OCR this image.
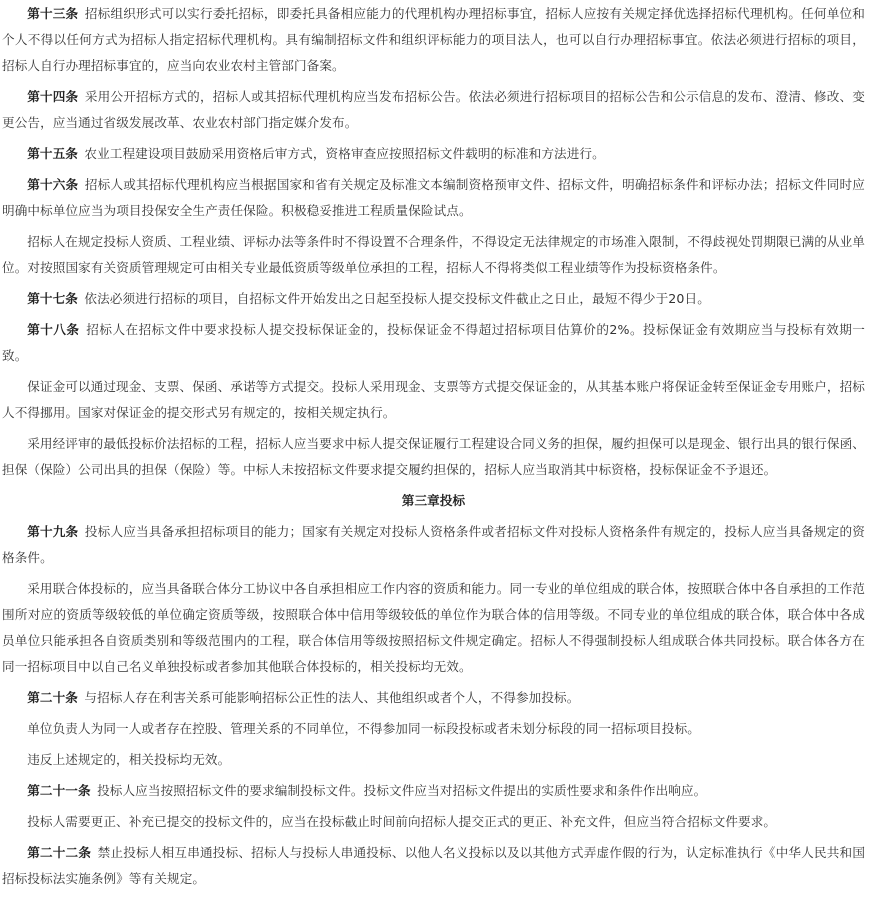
第十三条  招标组织形式可以实行委托招标，即委托具备相应能力的代理机构办理招标事宜，招标人应按有关规定择优选择招标代理机构。任何单位和个人不得以任何方式为招标人指定招标代理机构。具有编制招标文件和组织评标能力的项目法人，也可以自行办理招标事宜。依法必须进行招标的项目，招标人自行办理招标事宜的，应当向农业农村主管部门备案。

第十四条  采用公开招标方式的，招标人或其招标代理机构应当发布招标公告。依法必须进行招标项目的招标公告和公示信息的发布、澄清、修改、变更公告，应当通过省级发展改革、农业农村部门指定媒介发布。

第十五条  农业工程建设项目鼓励采用资格后审方式，资格审查应按照招标文件载明的标准和方法进行。

第十六条  招标人或其招标代理机构应当根据国家和省有关规定及标准文本编制资格预审文件、招标文件，明确招标条件和评标办法；招标文件同时应明确中标单位应当为项目投保安全生产责任保险。积极稳妥推进工程质量保险试点。

招标人在规定投标人资质、工程业绩、评标办法等条件时不得设置不合理条件，不得设定无法律规定的市场准入限制，不得歧视处罚期限已满的从业单位。对按照国家有关资质管理规定可由相关专业最低资质等级单位承担的工程，招标人不得将类似工程业绩等作为投标资格条件。

第十七条  依法必须进行招标的项目，自招标文件开始发出之日起至投标人提交投标文件截止之日止，最短不得少于20日。

第十八条  招标人在招标文件中要求投标人提交投标保证金的，投标保证金不得超过招标项目估算价的2%。投标保证金有效期应当与投标有效期一致。

保证金可以通过现金、支票、保函、承诺等方式提交。投标人采用现金、支票等方式提交保证金的，从其基本账户将保证金转至保证金专用账户，招标人不得挪用。国家对保证金的提交形式另有规定的，按相关规定执行。

采用经评审的最低投标价法招标的工程，招标人应当要求中标人提交保证履行工程建设合同义务的担保，履约担保可以是现金、银行出具的银行保函、担保（保险）公司出具的担保（保险）等。中标人未按招标文件要求提交履约担保的，招标人应当取消其中标资格，投标保证金不予退还。

第三章投标

第十九条  投标人应当具备承担招标项目的能力；国家有关规定对投标人资格条件或者招标文件对投标人资格条件有规定的，投标人应当具备规定的资格条件。

采用联合体投标的，应当具备联合体分工协议中各自承担相应工作内容的资质和能力。同一专业的单位组成的联合体，按照联合体中各自承担的工作范围所对应的资质等级较低的单位确定资质等级，按照联合体中信用等级较低的单位作为联合体的信用等级。不同专业的单位组成的联合体，联合体中各成员单位只能承担各自资质类别和等级范围内的工程，联合体信用等级按照招标文件规定确定。招标人不得强制投标人组成联合体共同投标。联合体各方在同一招标项目中以自己名义单独投标或者参加其他联合体投标的，相关投标均无效。

第二十条  与招标人存在利害关系可能影响招标公正性的法人、其他组织或者个人，不得参加投标。

单位负责人为同一人或者存在控股、管理关系的不同单位，不得参加同一标段投标或者未划分标段的同一招标项目投标。

违反上述规定的，相关投标均无效。

第二十一条  投标人应当按照招标文件的要求编制投标文件。投标文件应当对招标文件提出的实质性要求和条件作出响应。

投标人需要更正、补充已提交的投标文件的，应当在投标截止时间前向招标人提交正式的更正、补充文件，但应当符合招标文件要求。

第二十二条  禁止投标人相互串通投标、招标人与投标人串通投标、以他人名义投标以及以其他方式弄虚作假的行为，认定标准执行《中华人民共和国招标投标法实施条例》等有关规定。
